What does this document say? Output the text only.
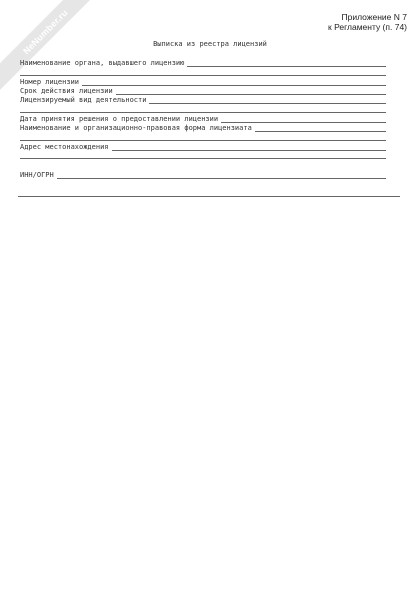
NeNumber.ru	Приложение N 7
к Регламенту (п. 74)
Выписка из реестра лицензий
Наименование органа, выдавшего лицензию
Номер лицензии
Срок действия лицензии
Лицензируемый вид деятельности
Дата принятия решения о предоставлении лицензии
Наименование и организационно-правовая форма лицензиата
Адрес местонахождения
ИНН/ОГРН
